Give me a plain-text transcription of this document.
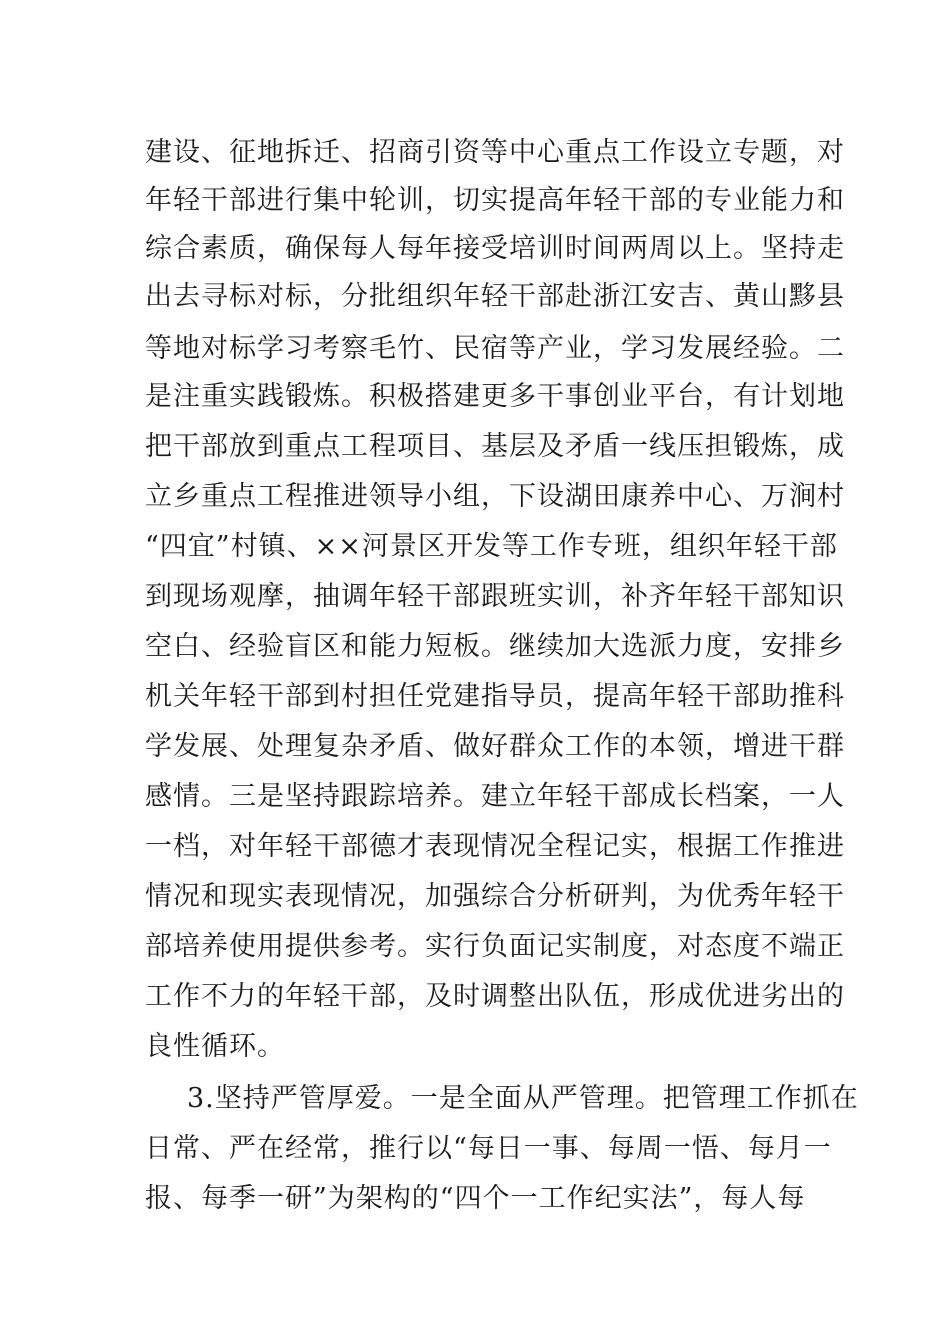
建设、征地拆迁、招商引资等中心重点工作设立专题，对
年轻干部进行集中轮训，切实提高年轻干部的专业能力和
综合素质，确保每人每年接受培训时间两周以上。坚持走
出去寻标对标，分批组织年轻干部赴浙江安吉、黄山黟县
等地对标学习考察毛竹、民宿等产业，学习发展经验。二
是注重实践锻炼。积极搭建更多干事创业平台，有计划地
把干部放到重点工程项目、基层及矛盾一线压担锻炼，成
立乡重点工程推进领导小组，下设湖田康养中心、万涧村
“四宜”村镇、××河景区开发等工作专班，组织年轻干部
到现场观摩，抽调年轻干部跟班实训，补齐年轻干部知识
空白、经验盲区和能力短板。继续加大选派力度，安排乡
机关年轻干部到村担任党建指导员，提高年轻干部助推科
学发展、处理复杂矛盾、做好群众工作的本领，增进干群
感情。三是坚持跟踪培养。建立年轻干部成长档案，一人
一档，对年轻干部德才表现情况全程记实，根据工作推进
情况和现实表现情况，加强综合分析研判，为优秀年轻干
部培养使用提供参考。实行负面记实制度，对态度不端正
工作不力的年轻干部，及时调整出队伍，形成优进劣出的
良性循环。
3.坚持严管厚爱。一是全面从严管理。把管理工作抓在
日常、严在经常，推行以“每日一事、每周一悟、每月一
报、每季一研”为架构的“四个一工作纪实法”，每人每
